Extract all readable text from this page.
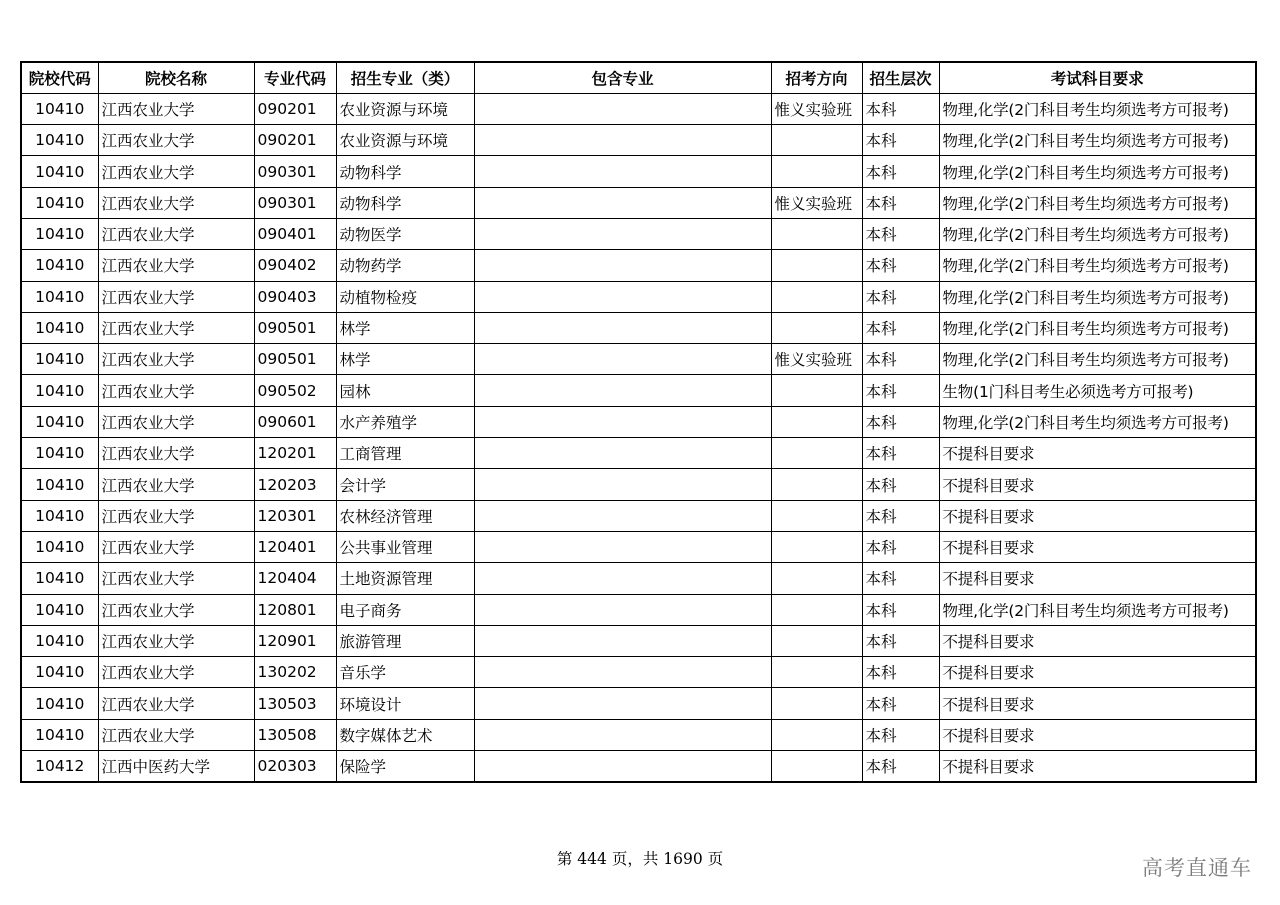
院校代码	院校名称	专业代码	招生专业（类）	包含专业	招考方向	招生层次	考试科目要求
10410	江西农业大学	090201	农业资源与环境		惟义实验班	本科	物理,化学(2门科目考生均须选考方可报考)
10410	江西农业大学	090201	农业资源与环境			本科	物理,化学(2门科目考生均须选考方可报考)
10410	江西农业大学	090301	动物科学			本科	物理,化学(2门科目考生均须选考方可报考)
10410	江西农业大学	090301	动物科学		惟义实验班	本科	物理,化学(2门科目考生均须选考方可报考)
10410	江西农业大学	090401	动物医学			本科	物理,化学(2门科目考生均须选考方可报考)
10410	江西农业大学	090402	动物药学			本科	物理,化学(2门科目考生均须选考方可报考)
10410	江西农业大学	090403	动植物检疫			本科	物理,化学(2门科目考生均须选考方可报考)
10410	江西农业大学	090501	林学			本科	物理,化学(2门科目考生均须选考方可报考)
10410	江西农业大学	090501	林学		惟义实验班	本科	物理,化学(2门科目考生均须选考方可报考)
10410	江西农业大学	090502	园林			本科	生物(1门科目考生必须选考方可报考)
10410	江西农业大学	090601	水产养殖学			本科	物理,化学(2门科目考生均须选考方可报考)
10410	江西农业大学	120201	工商管理			本科	不提科目要求
10410	江西农业大学	120203	会计学			本科	不提科目要求
10410	江西农业大学	120301	农林经济管理			本科	不提科目要求
10410	江西农业大学	120401	公共事业管理			本科	不提科目要求
10410	江西农业大学	120404	土地资源管理			本科	不提科目要求
10410	江西农业大学	120801	电子商务			本科	物理,化学(2门科目考生均须选考方可报考)
10410	江西农业大学	120901	旅游管理			本科	不提科目要求
10410	江西农业大学	130202	音乐学			本科	不提科目要求
10410	江西农业大学	130503	环境设计			本科	不提科目要求
10410	江西农业大学	130508	数字媒体艺术			本科	不提科目要求
10412	江西中医药大学	020303	保险学			本科	不提科目要求
第 444 页，共 1690 页	高考直通车
